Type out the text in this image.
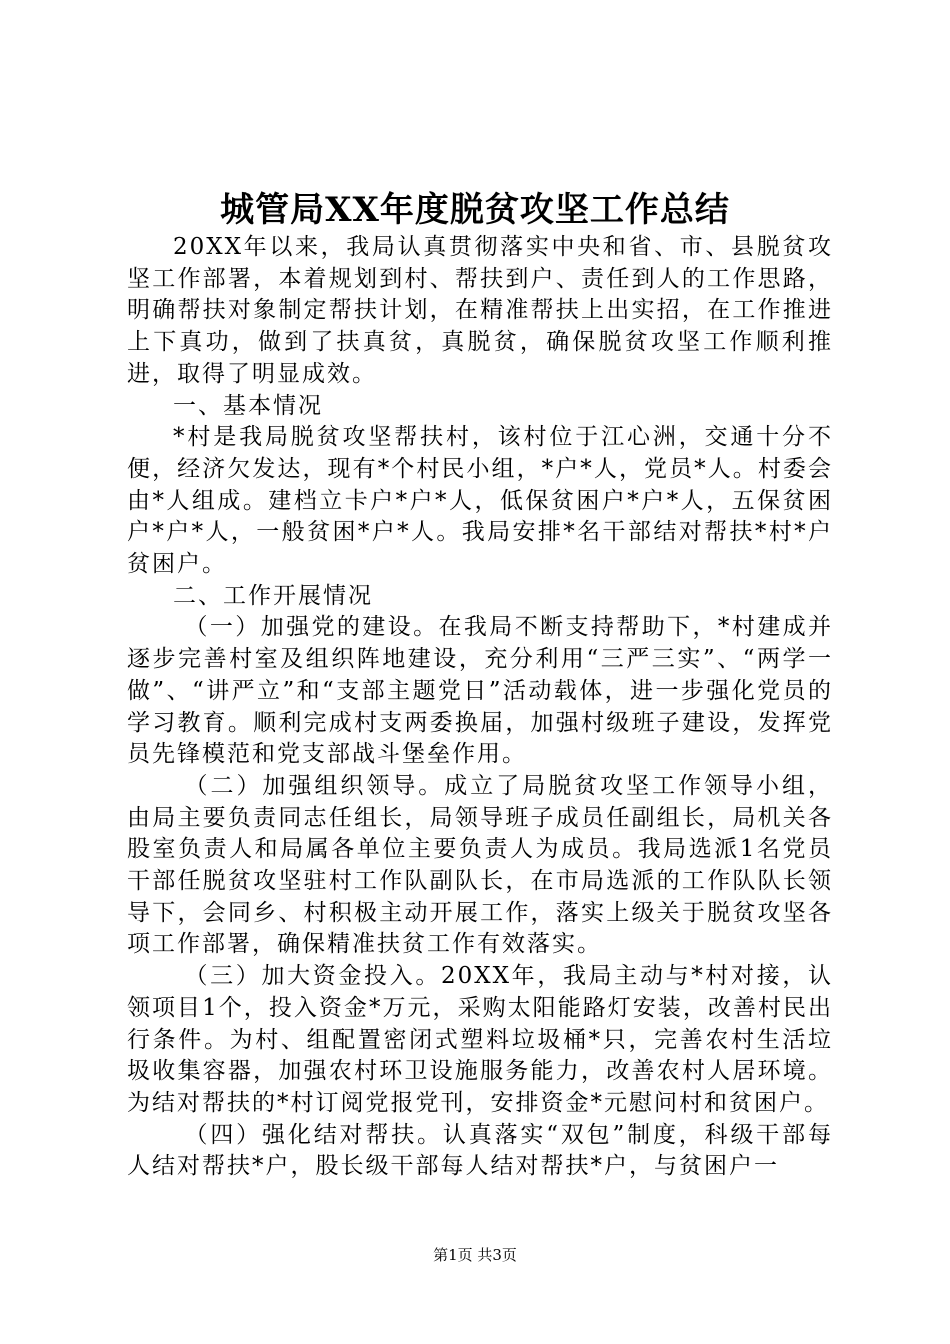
城管局XX年度脱贫攻坚工作总结

20XX年以来，我局认真贯彻落实中央和省、市、县脱贫攻坚工作部署，本着规划到村、帮扶到户、责任到人的工作思路，明确帮扶对象制定帮扶计划，在精准帮扶上出实招，在工作推进上下真功，做到了扶真贫，真脱贫，确保脱贫攻坚工作顺利推进，取得了明显成效。

一、基本情况

*村是我局脱贫攻坚帮扶村，该村位于江心洲，交通十分不便，经济欠发达，现有*个村民小组，*户*人，党员*人。村委会由*人组成。建档立卡户*户*人，低保贫困户*户*人，五保贫困户*户*人，一般贫困*户*人。我局安排*名干部结对帮扶*村*户贫困户。

二、工作开展情况

（一）加强党的建设。在我局不断支持帮助下，*村建成并逐步完善村室及组织阵地建设，充分利用“三严三实”、“两学一做”、“讲严立”和“支部主题党日”活动载体，进一步强化党员的学习教育。顺利完成村支两委换届，加强村级班子建设，发挥党员先锋模范和党支部战斗堡垒作用。

（二）加强组织领导。成立了局脱贫攻坚工作领导小组，由局主要负责同志任组长，局领导班子成员任副组长，局机关各股室负责人和局属各单位主要负责人为成员。我局选派1名党员干部任脱贫攻坚驻村工作队副队长，在市局选派的工作队队长领导下，会同乡、村积极主动开展工作，落实上级关于脱贫攻坚各项工作部署，确保精准扶贫工作有效落实。

（三）加大资金投入。20XX年，我局主动与*村对接，认领项目1个，投入资金*万元，采购太阳能路灯安装，改善村民出行条件。为村、组配置密闭式塑料垃圾桶*只，完善农村生活垃圾收集容器，加强农村环卫设施服务能力，改善农村人居环境。为结对帮扶的*村订阅党报党刊，安排资金*元慰问村和贫困户。

（四）强化结对帮扶。认真落实“双包”制度，科级干部每人结对帮扶*户，股长级干部每人结对帮扶*户，与贫困户一

第1页 共3页
